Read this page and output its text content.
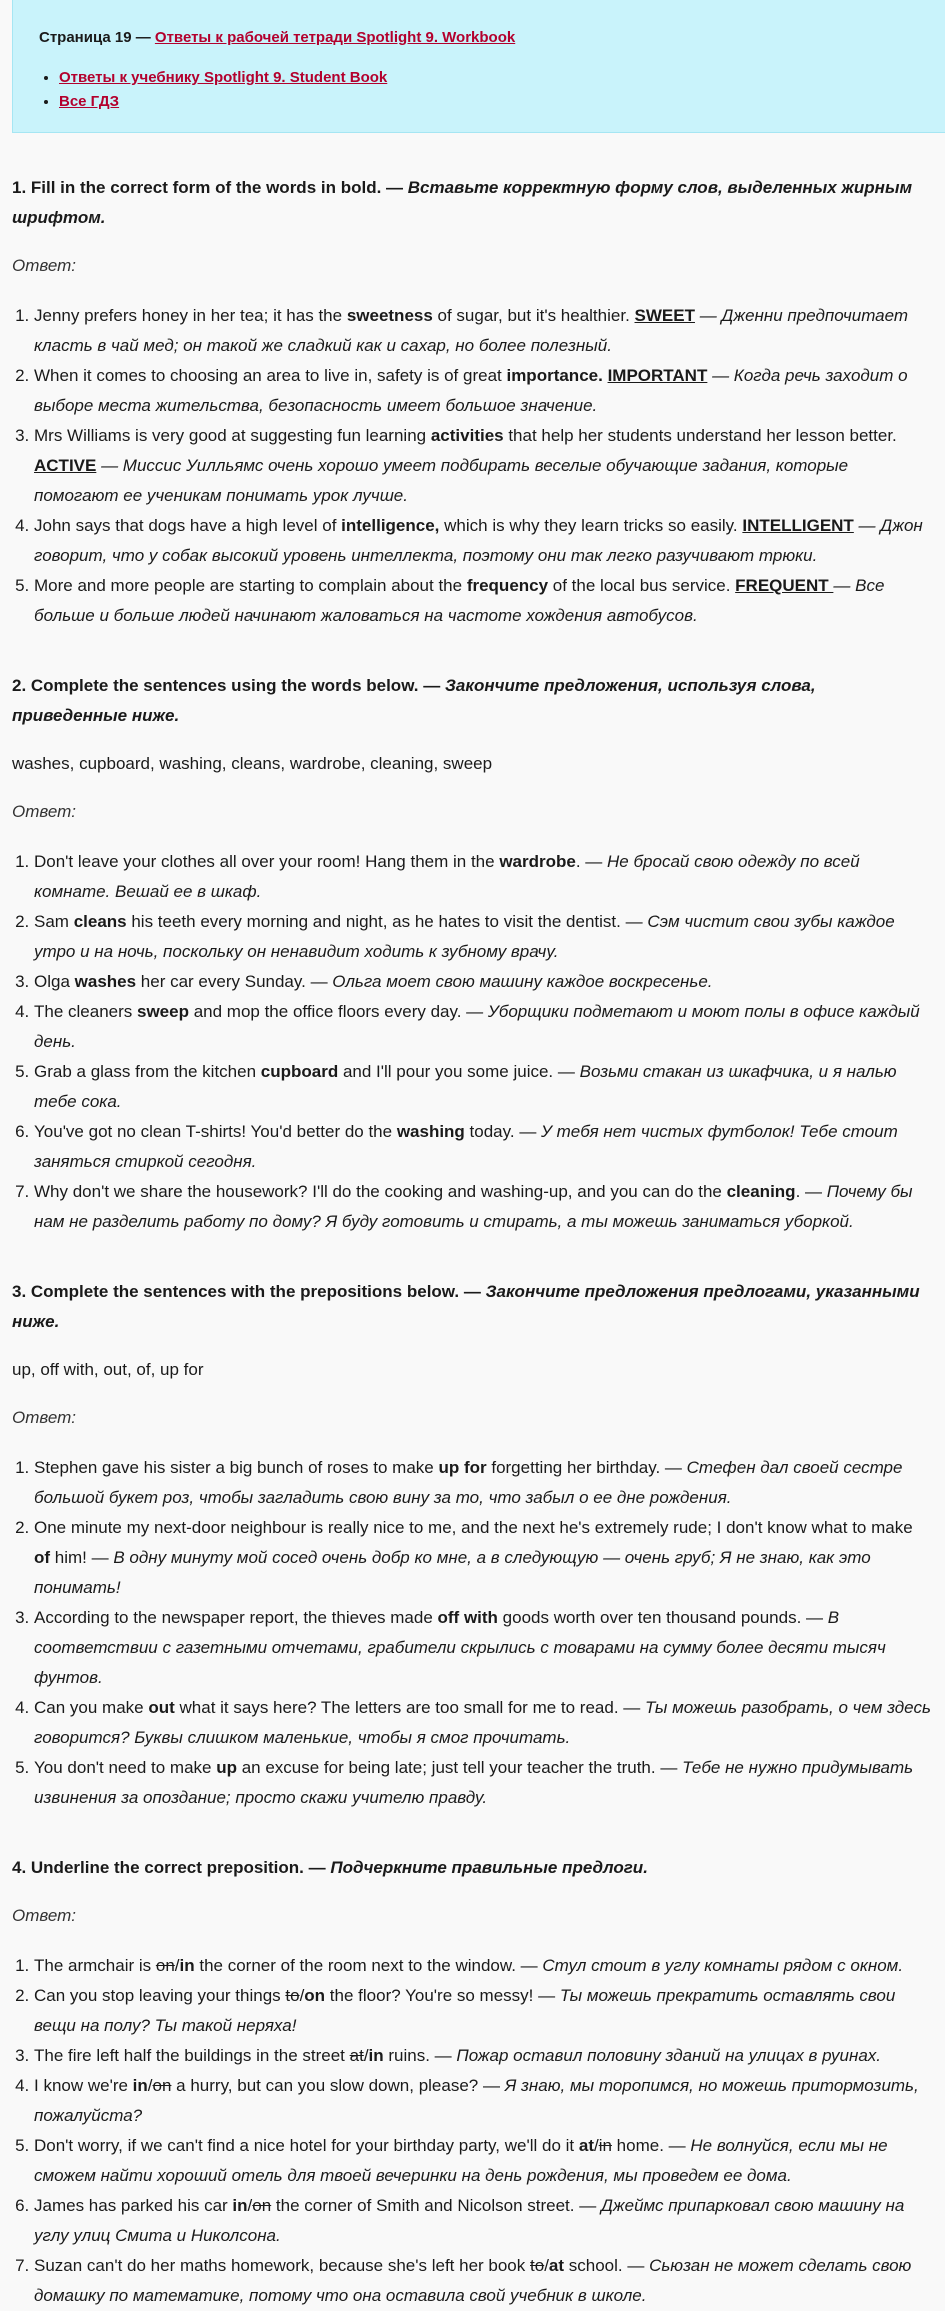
Страница 19 — Ответы к рабочей тетради Spotlight 9. Workbook

• Ответы к учебнику Spotlight 9. Student Book
• Все ГДЗ
1. Fill in the correct form of the words in bold. — Вставьте корректную форму слов, выделенных жирным шрифтом.
Ответ:
1. Jenny prefers honey in her tea; it has the sweetness of sugar, but it's healthier. SWEET — Дженни предпочитает класть в чай мед; он такой же сладкий как и сахар, но более полезный.
2. When it comes to choosing an area to live in, safety is of great importance. IMPORTANT — Когда речь заходит о выборе места жительства, безопасность имеет большое значение.
3. Mrs Williams is very good at suggesting fun learning activities that help her students understand her lesson better. ACTIVE — Миссис Уилльямс очень хорошо умеет подбирать веселые обучающие задания, которые помогают ее ученикам понимать урок лучше.
4. John says that dogs have a high level of intelligence, which is why they learn tricks so easily. INTELLIGENT — Джон говорит, что у собак высокий уровень интеллекта, поэтому они так легко разучивают трюки.
5. More and more people are starting to complain about the frequency of the local bus service. FREQUENT — Все больше и больше людей начинают жаловаться на частоте хождения автобусов.
2. Complete the sentences using the words below. — Закончите предложения, используя слова, приведенные ниже.
washes, cupboard, washing, cleans, wardrobe, cleaning, sweep
Ответ:
1. Don't leave your clothes all over your room! Hang them in the wardrobe. — Не бросай свою одежду по всей комнате. Вешай ее в шкаф.
2. Sam cleans his teeth every morning and night, as he hates to visit the dentist. — Сэм чистит свои зубы каждое утро и на ночь, поскольку он ненавидит ходить к зубному врачу.
3. Olga washes her car every Sunday. — Ольга моет свою машину каждое воскресенье.
4. The cleaners sweep and mop the office floors every day. — Уборщики подметают и моют полы в офисе каждый день.
5. Grab a glass from the kitchen cupboard and I'll pour you some juice. — Возьми стакан из шкафчика, и я налью тебе сока.
6. You've got no clean T-shirts! You'd better do the washing today. — У тебя нет чистых футболок! Тебе стоит заняться стиркой сегодня.
7. Why don't we share the housework? I'll do the cooking and washing-up, and you can do the cleaning. — Почему бы нам не разделить работу по дому? Я буду готовить и стирать, а ты можешь заниматься уборкой.
3. Complete the sentences with the prepositions below. — Закончите предложения предлогами, указанными ниже.
up, off with, out, of, up for
Ответ:
1. Stephen gave his sister a big bunch of roses to make up for forgetting her birthday. — Стефен дал своей сестре большой букет роз, чтобы загладить свою вину за то, что забыл о ее дне рождения.
2. One minute my next-door neighbour is really nice to me, and the next he's extremely rude; I don't know what to make of him! — В одну минуту мой сосед очень добр ко мне, а в следующую — очень груб; Я не знаю, как это понимать!
3. According to the newspaper report, the thieves made off with goods worth over ten thousand pounds. — В соответствии с газетными отчетами, грабители скрылись с товарами на сумму более десяти тысяч фунтов.
4. Can you make out what it says here? The letters are too small for me to read. — Ты можешь разобрать, о чем здесь говорится? Буквы слишком маленькие, чтобы я смог прочитать.
5. You don't need to make up an excuse for being late; just tell your teacher the truth. — Тебе не нужно придумывать извинения за опоздание; просто скажи учителю правду.
4. Underline the correct preposition. — Подчеркните правильные предлоги.
Ответ:
1. The armchair is on/in the corner of the room next to the window. — Стул стоит в углу комнаты рядом с окном.
2. Can you stop leaving your things to/on the floor? You're so messy! — Ты можешь прекратить оставлять свои вещи на полу? Ты такой неряха!
3. The fire left half the buildings in the street at/in ruins. — Пожар оставил половину зданий на улицах в руинах.
4. I know we're in/on a hurry, but can you slow down, please? — Я знаю, мы торопимся, но можешь притормозить, пожалуйста?
5. Don't worry, if we can't find a nice hotel for your birthday party, we'll do it at/in home. — Не волнуйся, если мы не сможем найти хороший отель для твоей вечеринки на день рождения, мы проведем ее дома.
6. James has parked his car in/on the corner of Smith and Nicolson street. — Джеймс припарковал свою машину на углу улиц Смита и Николсона.
7. Suzan can't do her maths homework, because she's left her book to/at school. — Сьюзан не может сделать свою домашку по математике, потому что она оставила свой учебник в школе.
